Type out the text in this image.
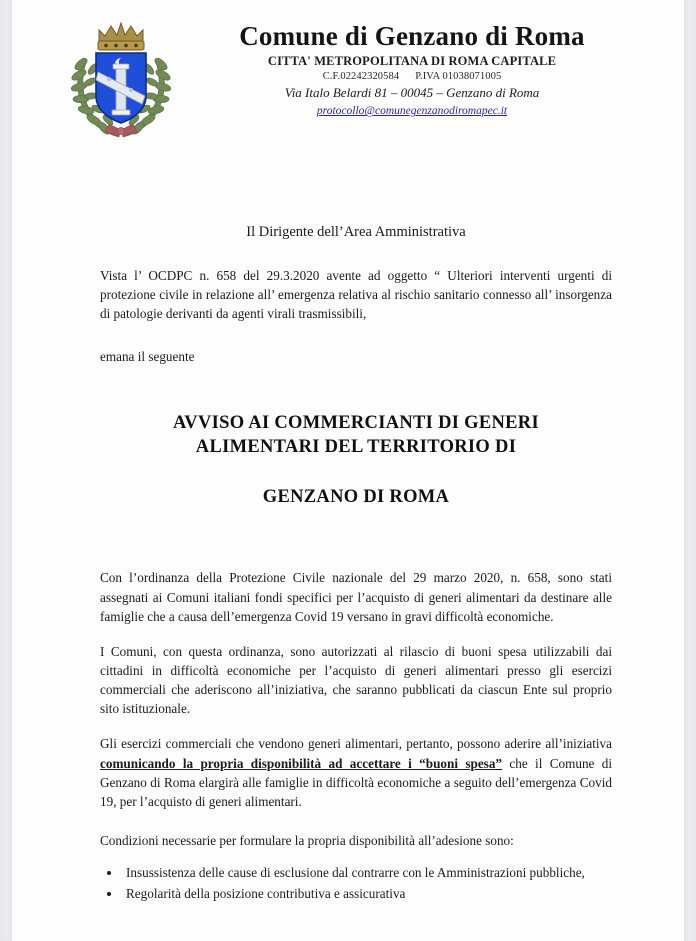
Comune di Genzano di Roma
CITTA' METROPOLITANA DI ROMA CAPITALE
C.F.02242320584 P.IVA 01038071005
Via Italo Belardi 81 – 00045 – Genzano di Roma
protocollo@comunegenzanodiromapec.it
Il Dirigente dell’Area Amministrativa

Vista l’ OCDPC n. 658 del 29.3.2020 avente ad oggetto “ Ulteriori interventi urgenti di protezione civile in relazione all’ emergenza relativa al rischio sanitario connesso all’ insorgenza di patologie derivanti da agenti virali trasmissibili,

emana il seguente

AVVISO AI COMMERCIANTI DI GENERI
ALIMENTARI DEL TERRITORIO DI
GENZANO DI ROMA

Con l’ordinanza della Protezione Civile nazionale del 29 marzo 2020, n. 658, sono stati assegnati ai Comuni italiani fondi specifici per l’acquisto di generi alimentari da destinare alle famiglie che a causa dell’emergenza Covid 19 versano in gravi difficoltà economiche.

I Comuni, con questa ordinanza, sono autorizzati al rilascio di buoni spesa utilizzabili dai cittadini in difficoltà economiche per l’acquisto di generi alimentari presso gli esercizi commerciali che aderiscono all’iniziativa, che saranno pubblicati da ciascun Ente sul proprio sito istituzionale.

Gli esercizi commerciali che vendono generi alimentari, pertanto, possono aderire all’iniziativa comunicando la propria disponibilità ad accettare i “buoni spesa” che il Comune di Genzano di Roma elargirà alle famiglie in difficoltà economiche a seguito dell’emergenza Covid 19, per l’acquisto di generi alimentari.

Condizioni necessarie per formulare la propria disponibilità all’adesione sono:
• Insussistenza delle cause di esclusione dal contrarre con le Amministrazioni pubbliche,
• Regolarità della posizione contributiva e assicurativa
